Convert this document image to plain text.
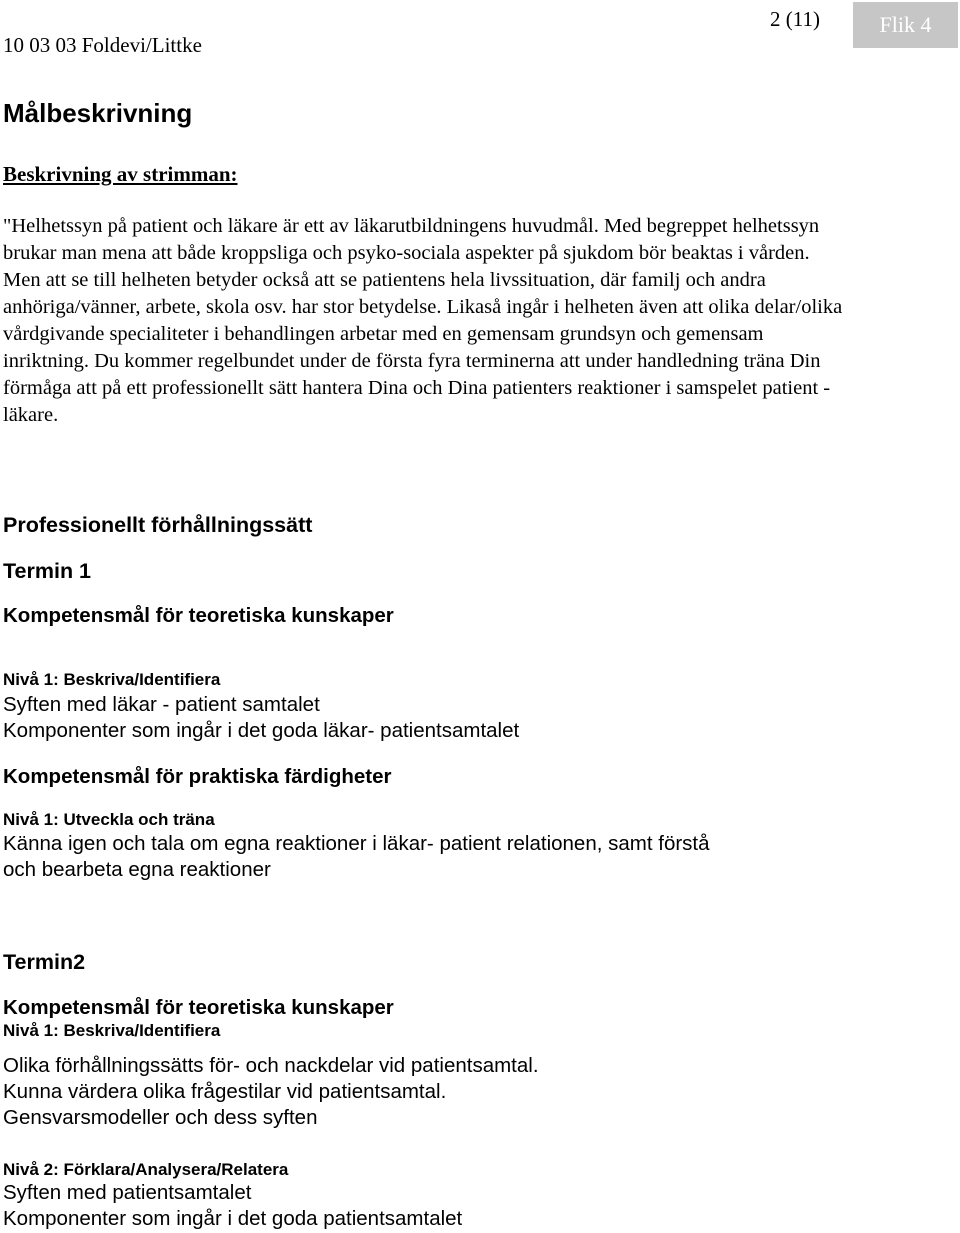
10 03 03 Foldevi/Littke
2 (11)	Flik 4
Målbeskrivning
Beskrivning av strimman:

"Helhetssyn på patient och läkare är ett av läkarutbildningens huvudmål. Med begreppet helhetssyn brukar man mena att både kroppsliga och psyko-sociala aspekter på sjukdom bör beaktas i vården. Men att se till helheten betyder också att se patientens hela livssituation, där familj och andra anhöriga/vänner, arbete, skola osv. har stor betydelse. Likaså ingår i helheten även att olika delar/olika vårdgivande specialiteter i behandlingen arbetar med en gemensam grundsyn och gemensam inriktning. Du kommer regelbundet under de första fyra terminerna att under handledning träna Din förmåga att på ett professionellt sätt hantera Dina och Dina patienters reaktioner i samspelet patient - läkare.

Professionellt förhållningssätt
Termin 1
Kompetensmål för teoretiska kunskaper
Nivå 1: Beskriva/Identifiera
Syften med läkar - patient samtalet
Komponenter som ingår i det goda läkar- patientsamtalet
Kompetensmål för praktiska färdigheter
Nivå 1: Utveckla och träna
Känna igen och tala om egna reaktioner i läkar- patient relationen, samt förstå
och bearbeta egna reaktioner
Termin2
Kompetensmål för teoretiska kunskaper
Nivå 1: Beskriva/Identifiera
Olika förhållningssätts för- och nackdelar vid patientsamtal.
Kunna värdera olika frågestilar vid patientsamtal.
Gensvarsmodeller och dess syften
Nivå 2: Förklara/Analysera/Relatera
Syften med patientsamtalet
Komponenter som ingår i det goda patientsamtalet
